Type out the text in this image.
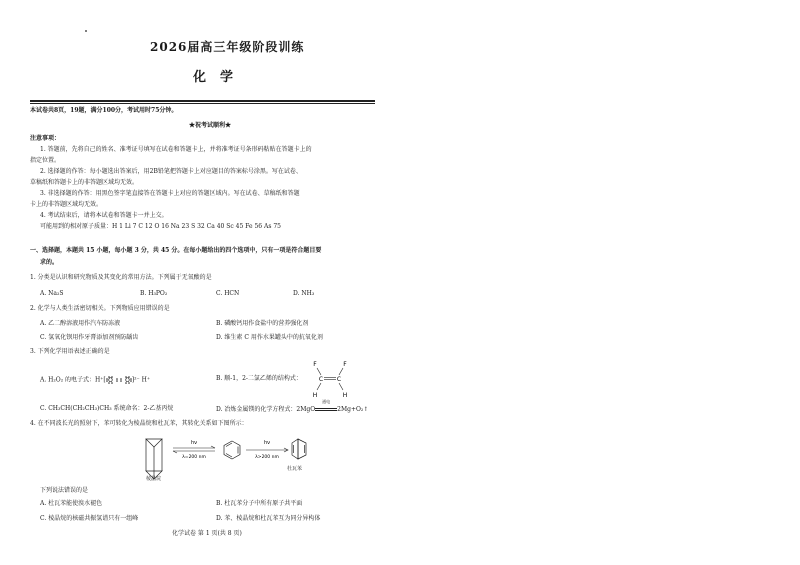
2026届高三年级阶段训练
化学
本试卷共8页，19题，满分100分，考试用时75分钟。
★祝考试顺利★
注意事项：
1. 答题前，先将自己的姓名、准考证号填写在试卷和答题卡上，并将准考证号条形码粘贴在答题卡上的
指定位置。
2. 选择题的作答：每小题选出答案后，用2B铅笔把答题卡上对应题目的答案标号涂黑。写在试卷、
草稿纸和答题卡上的非答题区域均无效。
3. 非选择题的作答：用黑色签字笔直接答在答题卡上对应的答题区域内。写在试卷、草稿纸和答题
卡上的非答题区域均无效。
4. 考试结束后，请将本试卷和答题卡一并上交。
可能用到的相对原子质量：H 1 Li 7 C 12 O 16 Na 23 S 32 Ca 40 Sc 45 Fe 56 As 75
一、选择题，本题共 15 小题，每小题 3 分，共 45 分。在每小题给出的四个选项中，只有一项是符合题目要
求的。
1. 分类是认识和研究物质及其变化的常用方法。下列属于无氧酸的是
A. Na₂S	B. H₃PO₂	C. HCN	D. NH₃
2. 化学与人类生活密切相关。下列物质应用错误的是
A. 乙二醇溶液用作汽车防冻液	B. 磷酸钙用作食盐中的营养强化剂
C. 氢氧化钡用作牙膏添加剂预防龋齿	D. 维生素 C 用作水果罐头中的抗氧化剂
3. 下列化学用语表述正确的是
A. H₂O₂ 的电子式：H⁺[ O O ]²⁻ H⁺	B. 顺-1，2-二氯乙烯的结构式：
F	F
C C
H	H
C. CH₃CH(CH₂CH₃)CH₃ 系统命名：2-乙基丙烷	D. 冶炼金属镁的化学方程式：2MgO
通电
2Mg+O₂↑
4. 在不同波长光的照射下，苯可转化为棱晶烷和杜瓦苯，其转化关系如下图所示：
hν
λ=200 nm
hν
λ>200 nm
棱晶烷
杜瓦苯
下列说法错误的是
A. 杜瓦苯能使溴水褪色	B. 杜瓦苯分子中所有原子共平面
C. 棱晶烷的核磁共振氢谱只有一组峰	D. 苯、棱晶烷和杜瓦苯互为同分异构体
化学试卷 第 1 页(共 8 页)
